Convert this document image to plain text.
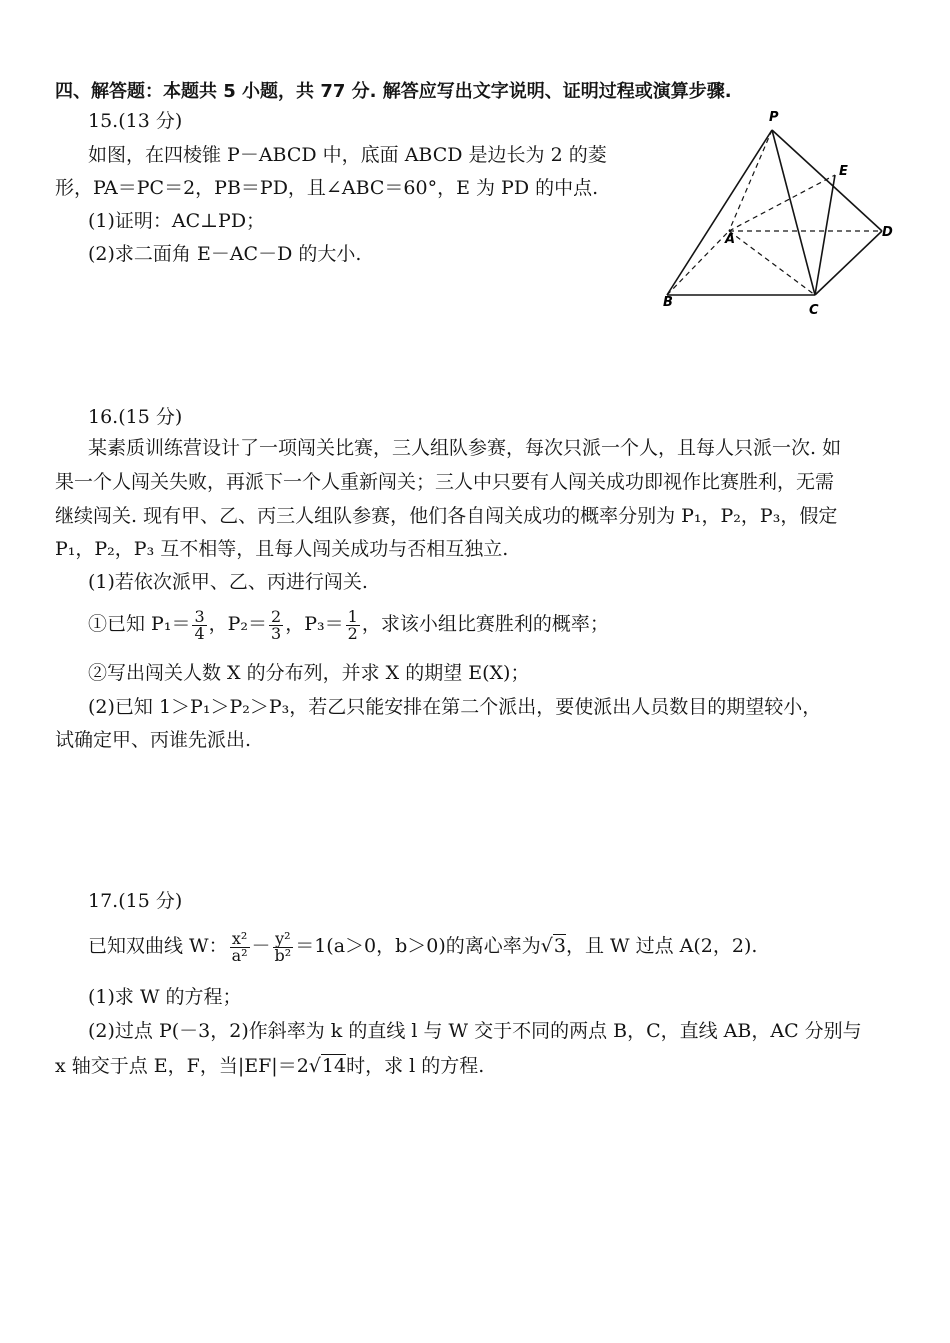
四、解答题：本题共 5 小题，共 77 分. 解答应写出文字说明、证明过程或演算步骤.
15.(13 分)
如图，在四棱锥 P－ABCD 中，底面 ABCD 是边长为 2 的菱
形，PA＝PC＝2，PB＝PD，且∠ABC＝60°，E 为 PD 的中点.
(1)证明：AC⊥PD；
(2)求二面角 E－AC－D 的大小.
P
E
A	D
B
C
16.(15 分)
某素质训练营设计了一项闯关比赛，三人组队参赛，每次只派一个人，且每人只派一次. 如
果一个人闯关失败，再派下一个人重新闯关；三人中只要有人闯关成功即视作比赛胜利，无需
继续闯关. 现有甲、乙、丙三人组队参赛，他们各自闯关成功的概率分别为 P₁，P₂，P₃，假定
P₁，P₂，P₃ 互不相等，且每人闯关成功与否相互独立.
(1)若依次派甲、乙、丙进行闯关.
①已知 $P_1= \frac{3}{4}$ ，$P_2= \frac{2}{3}$ ，$P_3= \frac{1}{2}$ ，求该小组比赛胜利的概率；
②写出闯关人数 X 的分布列，并求 X 的期望 E(X)；
(2)已知 1＞P₁＞P₂＞P₃，若乙只能安排在第二个派出，要使派出人员数目的期望较小，
试确定甲、丙谁先派出.
17.(15 分)
已知双曲线 W： $\frac{\text{x²}}{\text{a²}} - \frac{\text{y²}}{\text{b²}} =1(a>0$，b＞0)的离心率为√3，且 W 过点 A(2，2).
(1)求 W 的方程；
(2)过点 P(－3，2)作斜率为 k 的直线 l 与 W 交于不同的两点 B，C，直线 AB，AC 分别与
x 轴交于点 E，F，当|EF|＝2√14时，求 l 的方程.
